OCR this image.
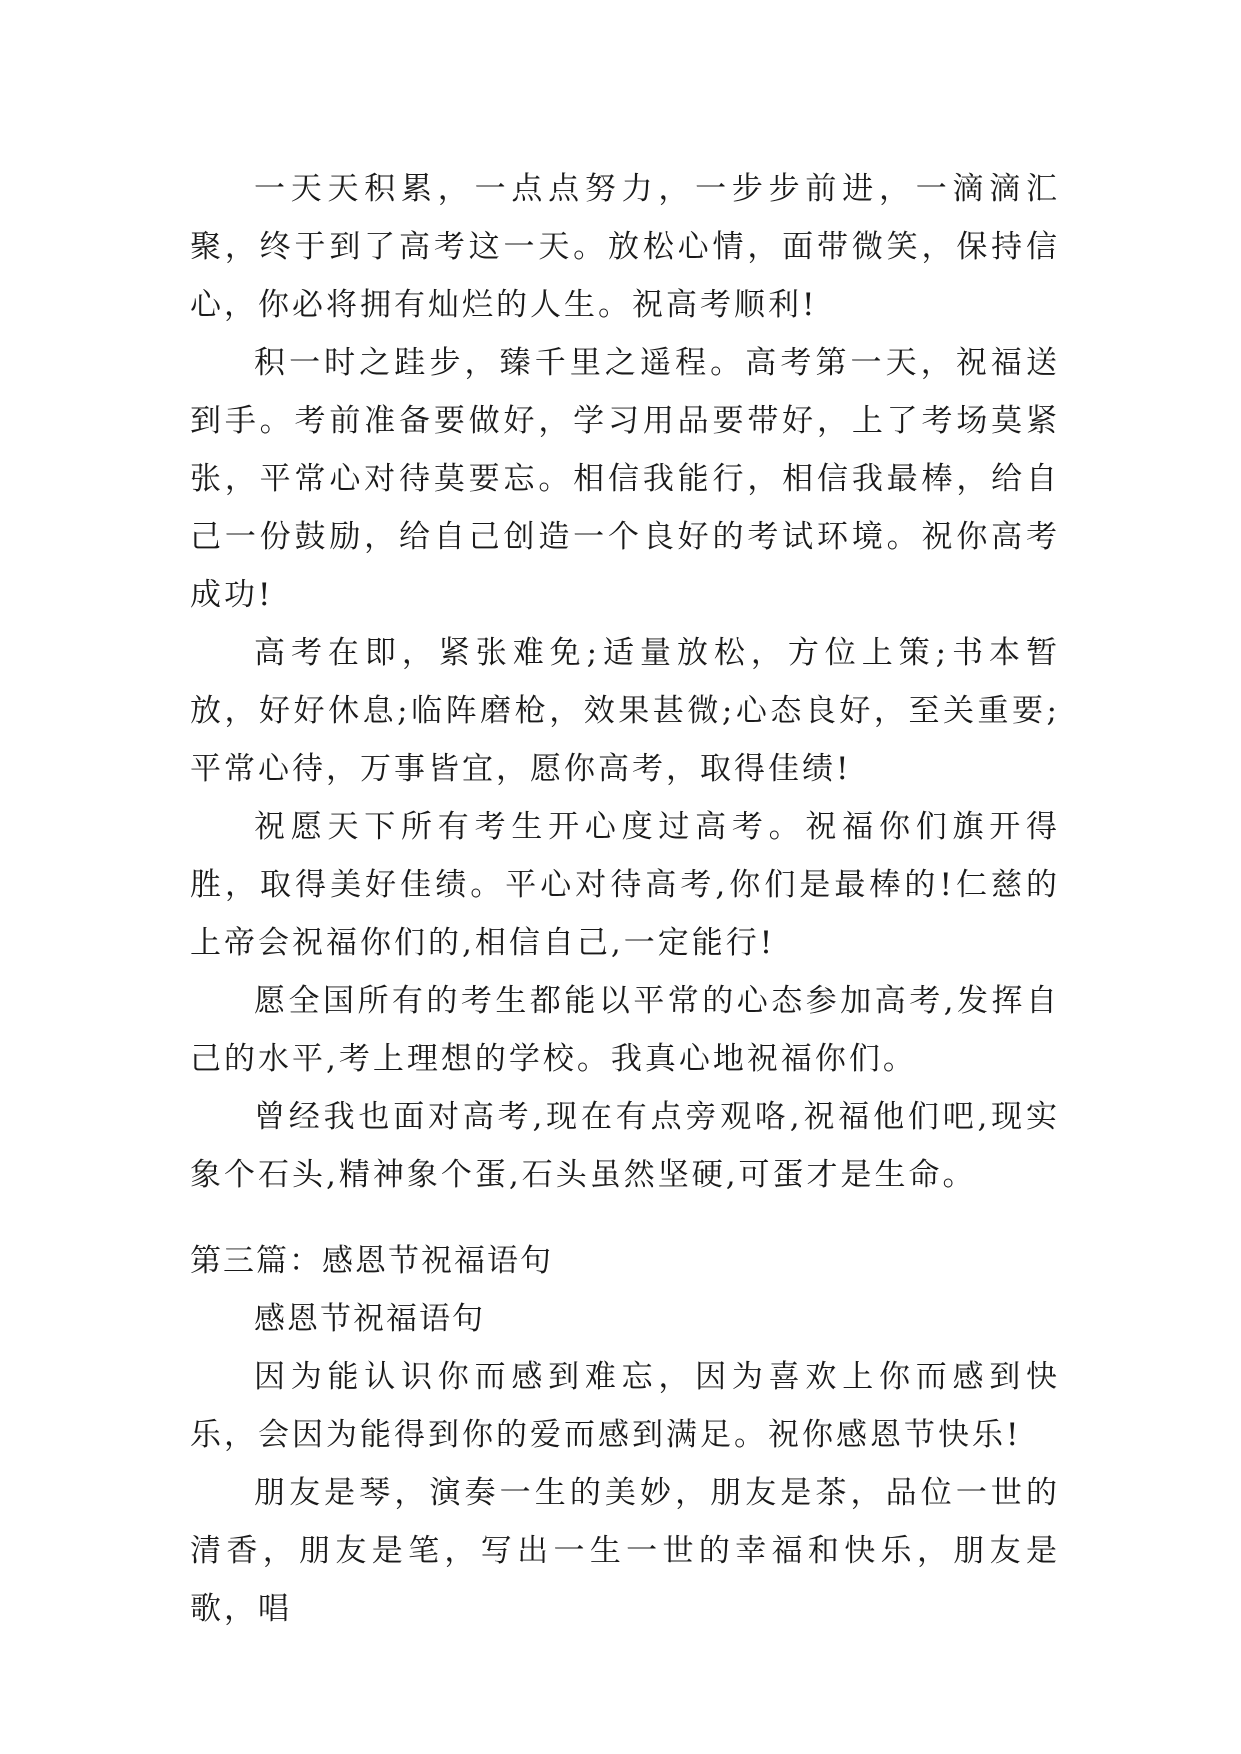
一天天积累，一点点努力，一步步前进，一滴滴汇聚，终于到了高考这一天。放松心情，面带微笑，保持信心，你必将拥有灿烂的人生。祝高考顺利!

积一时之跬步，臻千里之遥程。高考第一天，祝福送到手。考前准备要做好，学习用品要带好，上了考场莫紧张，平常心对待莫要忘。相信我能行，相信我最棒，给自己一份鼓励，给自己创造一个良好的考试环境。祝你高考成功!

高考在即，紧张难免;适量放松，方位上策;书本暂放，好好休息;临阵磨枪，效果甚微;心态良好，至关重要;平常心待，万事皆宜，愿你高考，取得佳绩!

祝愿天下所有考生开心度过高考。祝福你们旗开得胜，取得美好佳绩。平心对待高考,你们是最棒的!仁慈的上帝会祝福你们的,相信自己,一定能行!

愿全国所有的考生都能以平常的心态参加高考,发挥自己的水平,考上理想的学校。我真心地祝福你们。

曾经我也面对高考,现在有点旁观咯,祝福他们吧,现实象个石头,精神象个蛋,石头虽然坚硬,可蛋才是生命。

第三篇：感恩节祝福语句
感恩节祝福语句

因为能认识你而感到难忘，因为喜欢上你而感到快乐，会因为能得到你的爱而感到满足。祝你感恩节快乐!

朋友是琴，演奏一生的美妙，朋友是茶，品位一世的清香，朋友是笔，写出一生一世的幸福和快乐，朋友是歌，唱
